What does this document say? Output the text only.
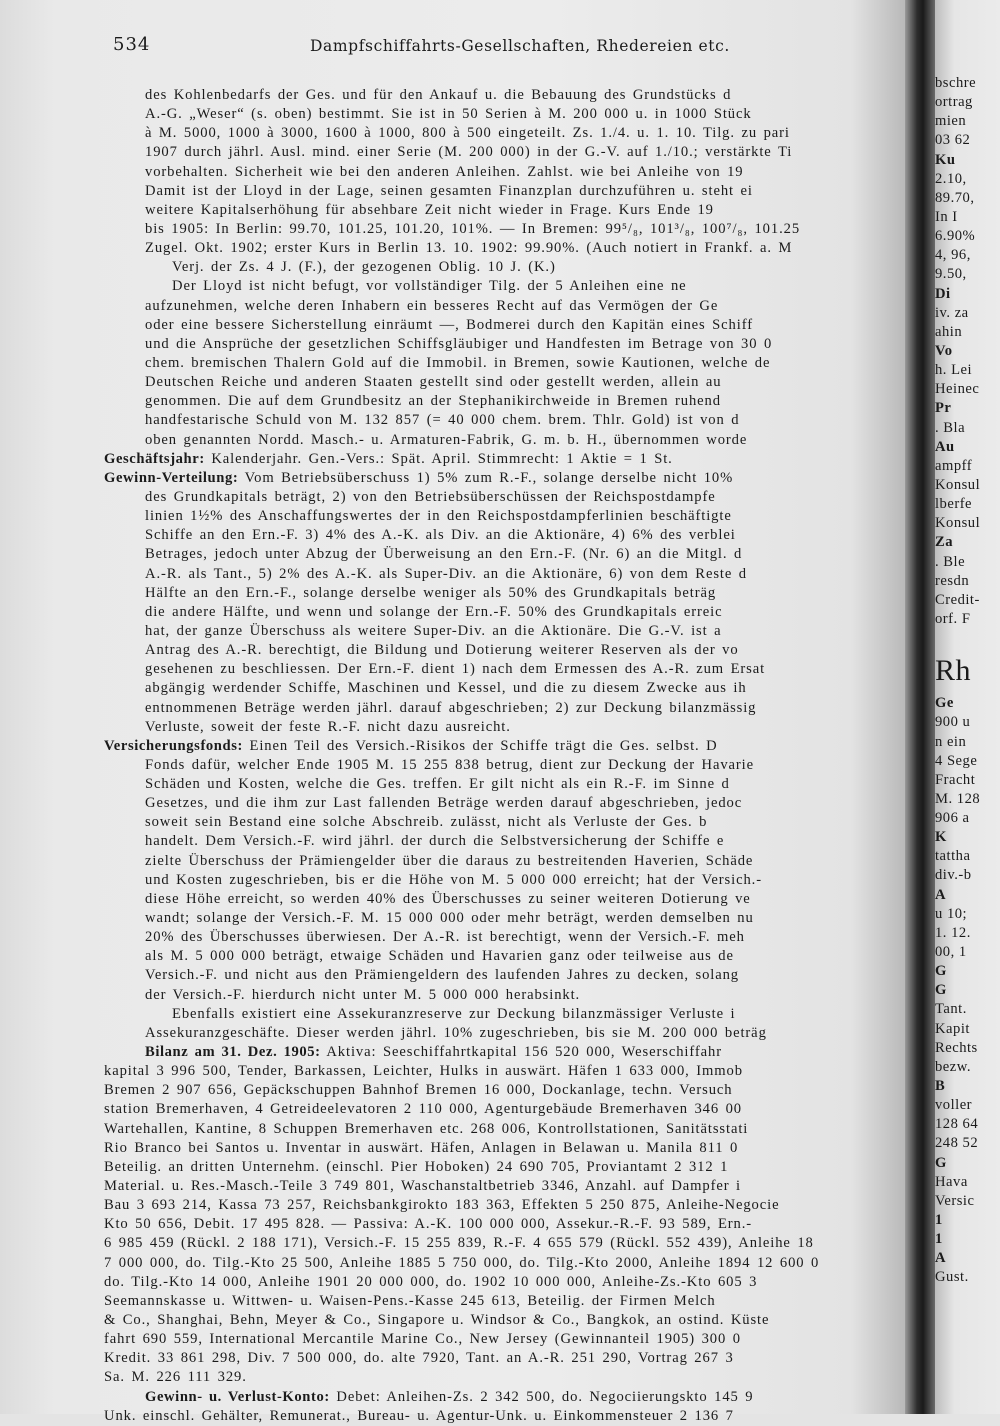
534	Dampfschiffahrts-Gesellschaften, Rhedereien etc.
des Kohlenbedarfs der Ges. und für den Ankauf u. die Bebauung des Grundstücks d
A.-G. „Weser“ (s. oben) bestimmt. Sie ist in 50 Serien à M. 200 000 u. in 1000 Stück
à M. 5000, 1000 à 3000, 1600 à 1000, 800 à 500 eingeteilt. Zs. 1./4. u. 1. 10. Tilg. zu pari
1907 durch jährl. Ausl. mind. einer Serie (M. 200 000) in der G.-V. auf 1./10.; verstärkte Ti
vorbehalten. Sicherheit wie bei den anderen Anleihen. Zahlst. wie bei Anleihe von 19
Damit ist der Lloyd in der Lage, seinen gesamten Finanzplan durchzuführen u. steht ei
weitere Kapitalserhöhung für absehbare Zeit nicht wieder in Frage. Kurs Ende 19
bis 1905: In Berlin: 99.70, 101.25, 101.20, 101%. — In Bremen: 99⁵/₈, 101³/₈, 100⁷/₈, 101.25
Zugel. Okt. 1902; erster Kurs in Berlin 13. 10. 1902: 99.90%. (Auch notiert in Frankf. a. M
Verj. der Zs. 4 J. (F.), der gezogenen Oblig. 10 J. (K.)
Der Lloyd ist nicht befugt, vor vollständiger Tilg. der 5 Anleihen eine ne
aufzunehmen, welche deren Inhabern ein besseres Recht auf das Vermögen der Ge
oder eine bessere Sicherstellung einräumt —, Bodmerei durch den Kapitän eines Schiff
und die Ansprüche der gesetzlichen Schiffsgläubiger und Handfesten im Betrage von 30 0
chem. bremischen Thalern Gold auf die Immobil. in Bremen, sowie Kautionen, welche de
Deutschen Reiche und anderen Staaten gestellt sind oder gestellt werden, allein au
genommen. Die auf dem Grundbesitz an der Stephanikirchweide in Bremen ruhend
handfestarische Schuld von M. 132 857 (= 40 000 chem. brem. Thlr. Gold) ist von d
oben genannten Nordd. Masch.- u. Armaturen-Fabrik, G. m. b. H., übernommen worde
Geschäftsjahr: Kalenderjahr. Gen.-Vers.: Spät. April. Stimmrecht: 1 Aktie = 1 St.
Gewinn-Verteilung: Vom Betriebsüberschuss 1) 5% zum R.-F., solange derselbe nicht 10%
des Grundkapitals beträgt, 2) von den Betriebsüberschüssen der Reichspostdampfe
linien 1½% des Anschaffungswertes der in den Reichspostdampferlinien beschäftigte
Schiffe an den Ern.-F. 3) 4% des A.-K. als Div. an die Aktionäre, 4) 6% des verblei
Betrages, jedoch unter Abzug der Überweisung an den Ern.-F. (Nr. 6) an die Mitgl. d
A.-R. als Tant., 5) 2% des A.-K. als Super-Div. an die Aktionäre, 6) von dem Reste d
Hälfte an den Ern.-F., solange derselbe weniger als 50% des Grundkapitals beträg
die andere Hälfte, und wenn und solange der Ern.-F. 50% des Grundkapitals erreic
hat, der ganze Überschuss als weitere Super-Div. an die Aktionäre. Die G.-V. ist a
Antrag des A.-R. berechtigt, die Bildung und Dotierung weiterer Reserven als der vo
gesehenen zu beschliessen. Der Ern.-F. dient 1) nach dem Ermessen des A.-R. zum Ersat
abgängig werdender Schiffe, Maschinen und Kessel, und die zu diesem Zwecke aus ih
entnommenen Beträge werden jährl. darauf abgeschrieben; 2) zur Deckung bilanzmässig
Verluste, soweit der feste R.-F. nicht dazu ausreicht.
Versicherungsfonds: Einen Teil des Versich.-Risikos der Schiffe trägt die Ges. selbst. D
Fonds dafür, welcher Ende 1905 M. 15 255 838 betrug, dient zur Deckung der Havarie
Schäden und Kosten, welche die Ges. treffen. Er gilt nicht als ein R.-F. im Sinne d
Gesetzes, und die ihm zur Last fallenden Beträge werden darauf abgeschrieben, jedoc
soweit sein Bestand eine solche Abschreib. zulässt, nicht als Verluste der Ges. b
handelt. Dem Versich.-F. wird jährl. der durch die Selbstversicherung der Schiffe e
zielte Überschuss der Prämiengelder über die daraus zu bestreitenden Haverien, Schäde
und Kosten zugeschrieben, bis er die Höhe von M. 5 000 000 erreicht; hat der Versich.-
diese Höhe erreicht, so werden 40% des Überschusses zu seiner weiteren Dotierung ve
wandt; solange der Versich.-F. M. 15 000 000 oder mehr beträgt, werden demselben nu
20% des Überschusses überwiesen. Der A.-R. ist berechtigt, wenn der Versich.-F. meh
als M. 5 000 000 beträgt, etwaige Schäden und Havarien ganz oder teilweise aus de
Versich.-F. und nicht aus den Prämiengeldern des laufenden Jahres zu decken, solang
der Versich.-F. hierdurch nicht unter M. 5 000 000 herabsinkt.
Ebenfalls existiert eine Assekuranzreserve zur Deckung bilanzmässiger Verluste i
Assekuranzgeschäfte. Dieser werden jährl. 10% zugeschrieben, bis sie M. 200 000 beträg
Bilanz am 31. Dez. 1905: Aktiva: Seeschiffahrtkapital 156 520 000, Weserschiffahr
kapital 3 996 500, Tender, Barkassen, Leichter, Hulks in auswärt. Häfen 1 633 000, Immob
Bremen 2 907 656, Gepäckschuppen Bahnhof Bremen 16 000, Dockanlage, techn. Versuch
station Bremerhaven, 4 Getreideelevatoren 2 110 000, Agenturgebäude Bremerhaven 346 00
Wartehallen, Kantine, 8 Schuppen Bremerhaven etc. 268 006, Kontrollstationen, Sanitätsstati
Rio Branco bei Santos u. Inventar in auswärt. Häfen, Anlagen in Belawan u. Manila 811 0
Beteilig. an dritten Unternehm. (einschl. Pier Hoboken) 24 690 705, Proviantamt 2 312 1
Material. u. Res.-Masch.-Teile 3 749 801, Waschanstaltbetrieb 3346, Anzahl. auf Dampfer i
Bau 3 693 214, Kassa 73 257, Reichsbankgirokto 183 363, Effekten 5 250 875, Anleihe-Negocie
Kto 50 656, Debit. 17 495 828. — Passiva: A.-K. 100 000 000, Assekur.-R.-F. 93 589, Ern.-
6 985 459 (Rückl. 2 188 171), Versich.-F. 15 255 839, R.-F. 4 655 579 (Rückl. 552 439), Anleihe 18
7 000 000, do. Tilg.-Kto 25 500, Anleihe 1885 5 750 000, do. Tilg.-Kto 2000, Anleihe 1894 12 600 0
do. Tilg.-Kto 14 000, Anleihe 1901 20 000 000, do. 1902 10 000 000, Anleihe-Zs.-Kto 605 3
Seemannskasse u. Wittwen- u. Waisen-Pens.-Kasse 245 613, Beteilig. der Firmen Melch
& Co., Shanghai, Behn, Meyer & Co., Singapore u. Windsor & Co., Bangkok, an ostind. Küste
fahrt 690 559, International Mercantile Marine Co., New Jersey (Gewinnanteil 1905) 300 0
Kredit. 33 861 298, Div. 7 500 000, do. alte 7920, Tant. an A.-R. 251 290, Vortrag 267 3
Sa. M. 226 111 329.
Gewinn- u. Verlust-Konto: Debet: Anleihen-Zs. 2 342 500, do. Negociierungskto 145 9
Unk. einschl. Gehälter, Remunerat., Bureau- u. Agentur-Unk. u. Einkommensteuer 2 136 7
bschre
ortrag
mien
03 62
Ku
2.10,
89.70,
In I
6.90%
4, 96,
9.50,
Di
iv. za
ahin
Vo
h. Lei
Heinec
Pr
. Bla
Au
ampff
Konsul
lberfe
Konsul
Za
. Ble
resdn
Credit-
orf. F
Rh
Ge
900 u
n ein
4 Sege
Fracht
M. 128
906 a
K
tattha
div.-b
A
u 10;
1. 12.
00, 1
G
G
Tant.
Kapit
Rechts
bezw.
B
voller
128 64
248 52
G
Hava
Versic
1
1
A
Gust.
